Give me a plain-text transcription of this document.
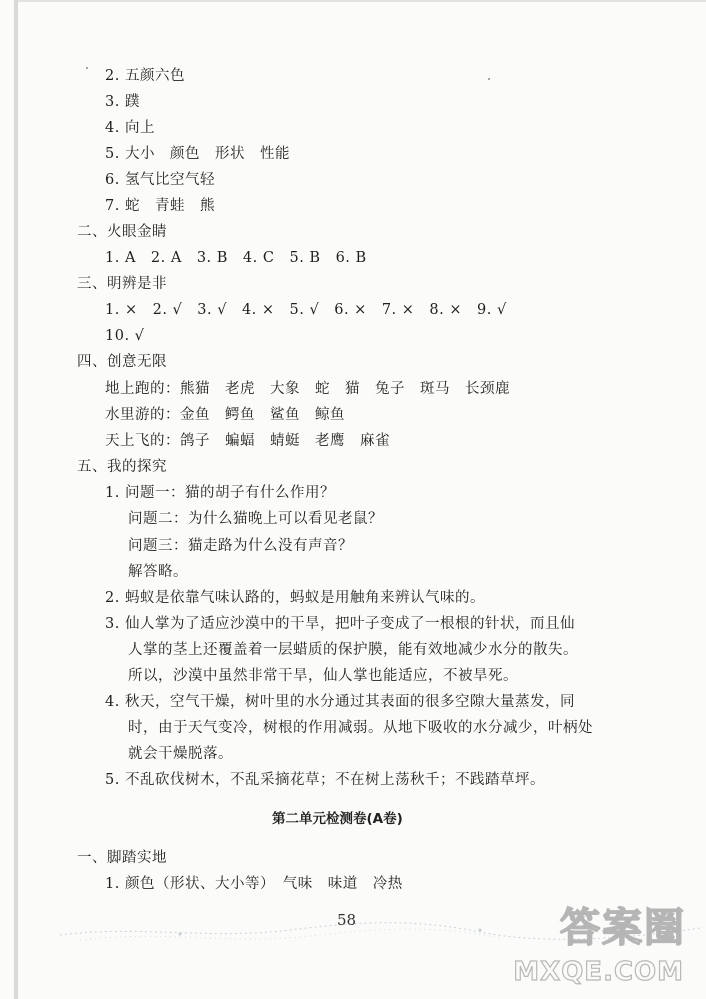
2. 五颜六色
3. 蹼
4. 向上
5. 大小　颜色　形状　性能
6. 氢气比空气轻
7. 蛇　青蛙　熊
二、火眼金睛
1. A　2. A　3. B　4. C　5. B　6. B
三、明辨是非
1. ×　2. √　3. √　4. ×　5. √　6. ×　7. ×　8. ×　9. √
10. √
四、创意无限
地上跑的：熊猫　老虎　大象　蛇　猫　兔子　斑马　长颈鹿
水里游的：金鱼　鳄鱼　鲨鱼　鲸鱼
天上飞的：鸽子　蝙蝠　蜻蜓　老鹰　麻雀
五、我的探究
1. 问题一：猫的胡子有什么作用？
问题二：为什么猫晚上可以看见老鼠？
问题三：猫走路为什么没有声音？
解答略。
2. 蚂蚁是依靠气味认路的，蚂蚁是用触角来辨认气味的。
3. 仙人掌为了适应沙漠中的干旱，把叶子变成了一根根的针状，而且仙
人掌的茎上还覆盖着一层蜡质的保护膜，能有效地减少水分的散失。
所以，沙漠中虽然非常干旱，仙人掌也能适应，不被旱死。
4. 秋天，空气干燥，树叶里的水分通过其表面的很多空隙大量蒸发，同
时，由于天气变冷，树根的作用减弱。从地下吸收的水分减少，叶柄处
就会干燥脱落。
5. 不乱砍伐树木，不乱采摘花草；不在树上荡秋千；不践踏草坪。
第二单元检测卷(A卷)
一、脚踏实地
1. 颜色（形状、大小等）　气味　味道　冷热
58	答案圈
MXQE.COM
